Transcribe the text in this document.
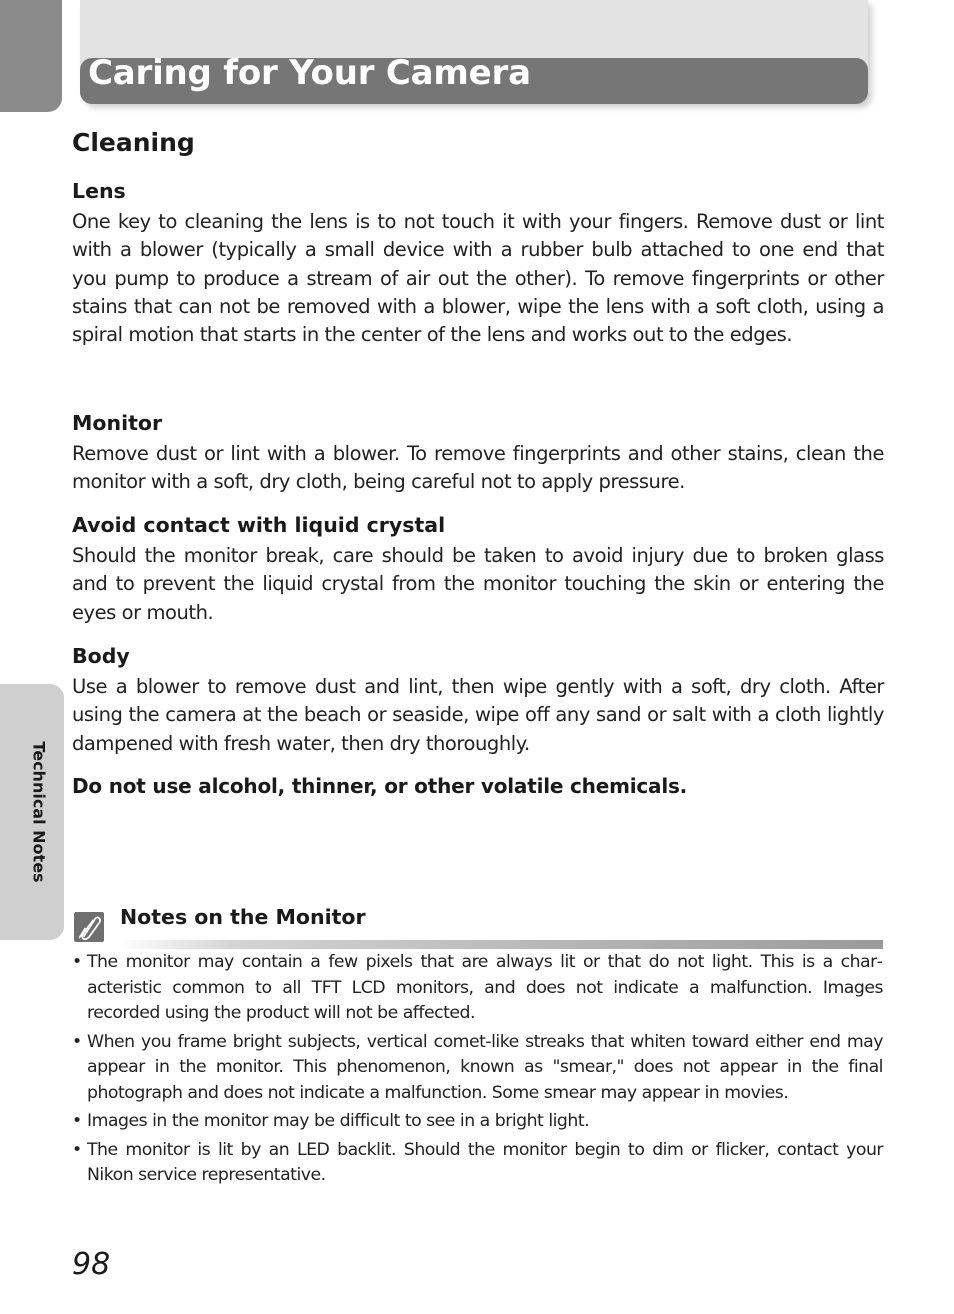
Caring for Your Camera
Cleaning
Lens

One key to cleaning the lens is to not touch it with your fingers. Remove dust or lint with a blower (typically a small device with a rubber bulb attached to one end that you pump to produce a stream of air out the other). To remove fingerprints or other stains that can not be removed with a blower, wipe the lens with a soft cloth, using a spiral motion that starts in the center of the lens and works out to the edges.

Monitor

Remove dust or lint with a blower. To remove fingerprints and other stains, clean the monitor with a soft, dry cloth, being careful not to apply pressure.

Avoid contact with liquid crystal

Should the monitor break, care should be taken to avoid injury due to broken glass and to prevent the liquid crystal from the monitor touching the skin or entering the eyes or mouth.

Body

Use a blower to remove dust and lint, then wipe gently with a soft, dry cloth. After using the camera at the beach or seaside, wipe off any sand or salt with a cloth lightly dampened with fresh water, then dry thoroughly.

Do not use alcohol, thinner, or other volatile chemicals.

Technical Notes
Notes on the Monitor
• The monitor may contain a few pixels that are always lit or that do not light. This is a characteristic common to all TFT LCD monitors, and does not indicate a malfunction. Images recorded using the product will not be affected.
• When you frame bright subjects, vertical comet-like streaks that whiten toward either end may appear in the monitor. This phenomenon, known as "smear," does not appear in the final photograph and does not indicate a malfunction. Some smear may appear in movies.
• Images in the monitor may be difficult to see in a bright light.
• The monitor is lit by an LED backlit. Should the monitor begin to dim or flicker, contact your Nikon service representative.

98
